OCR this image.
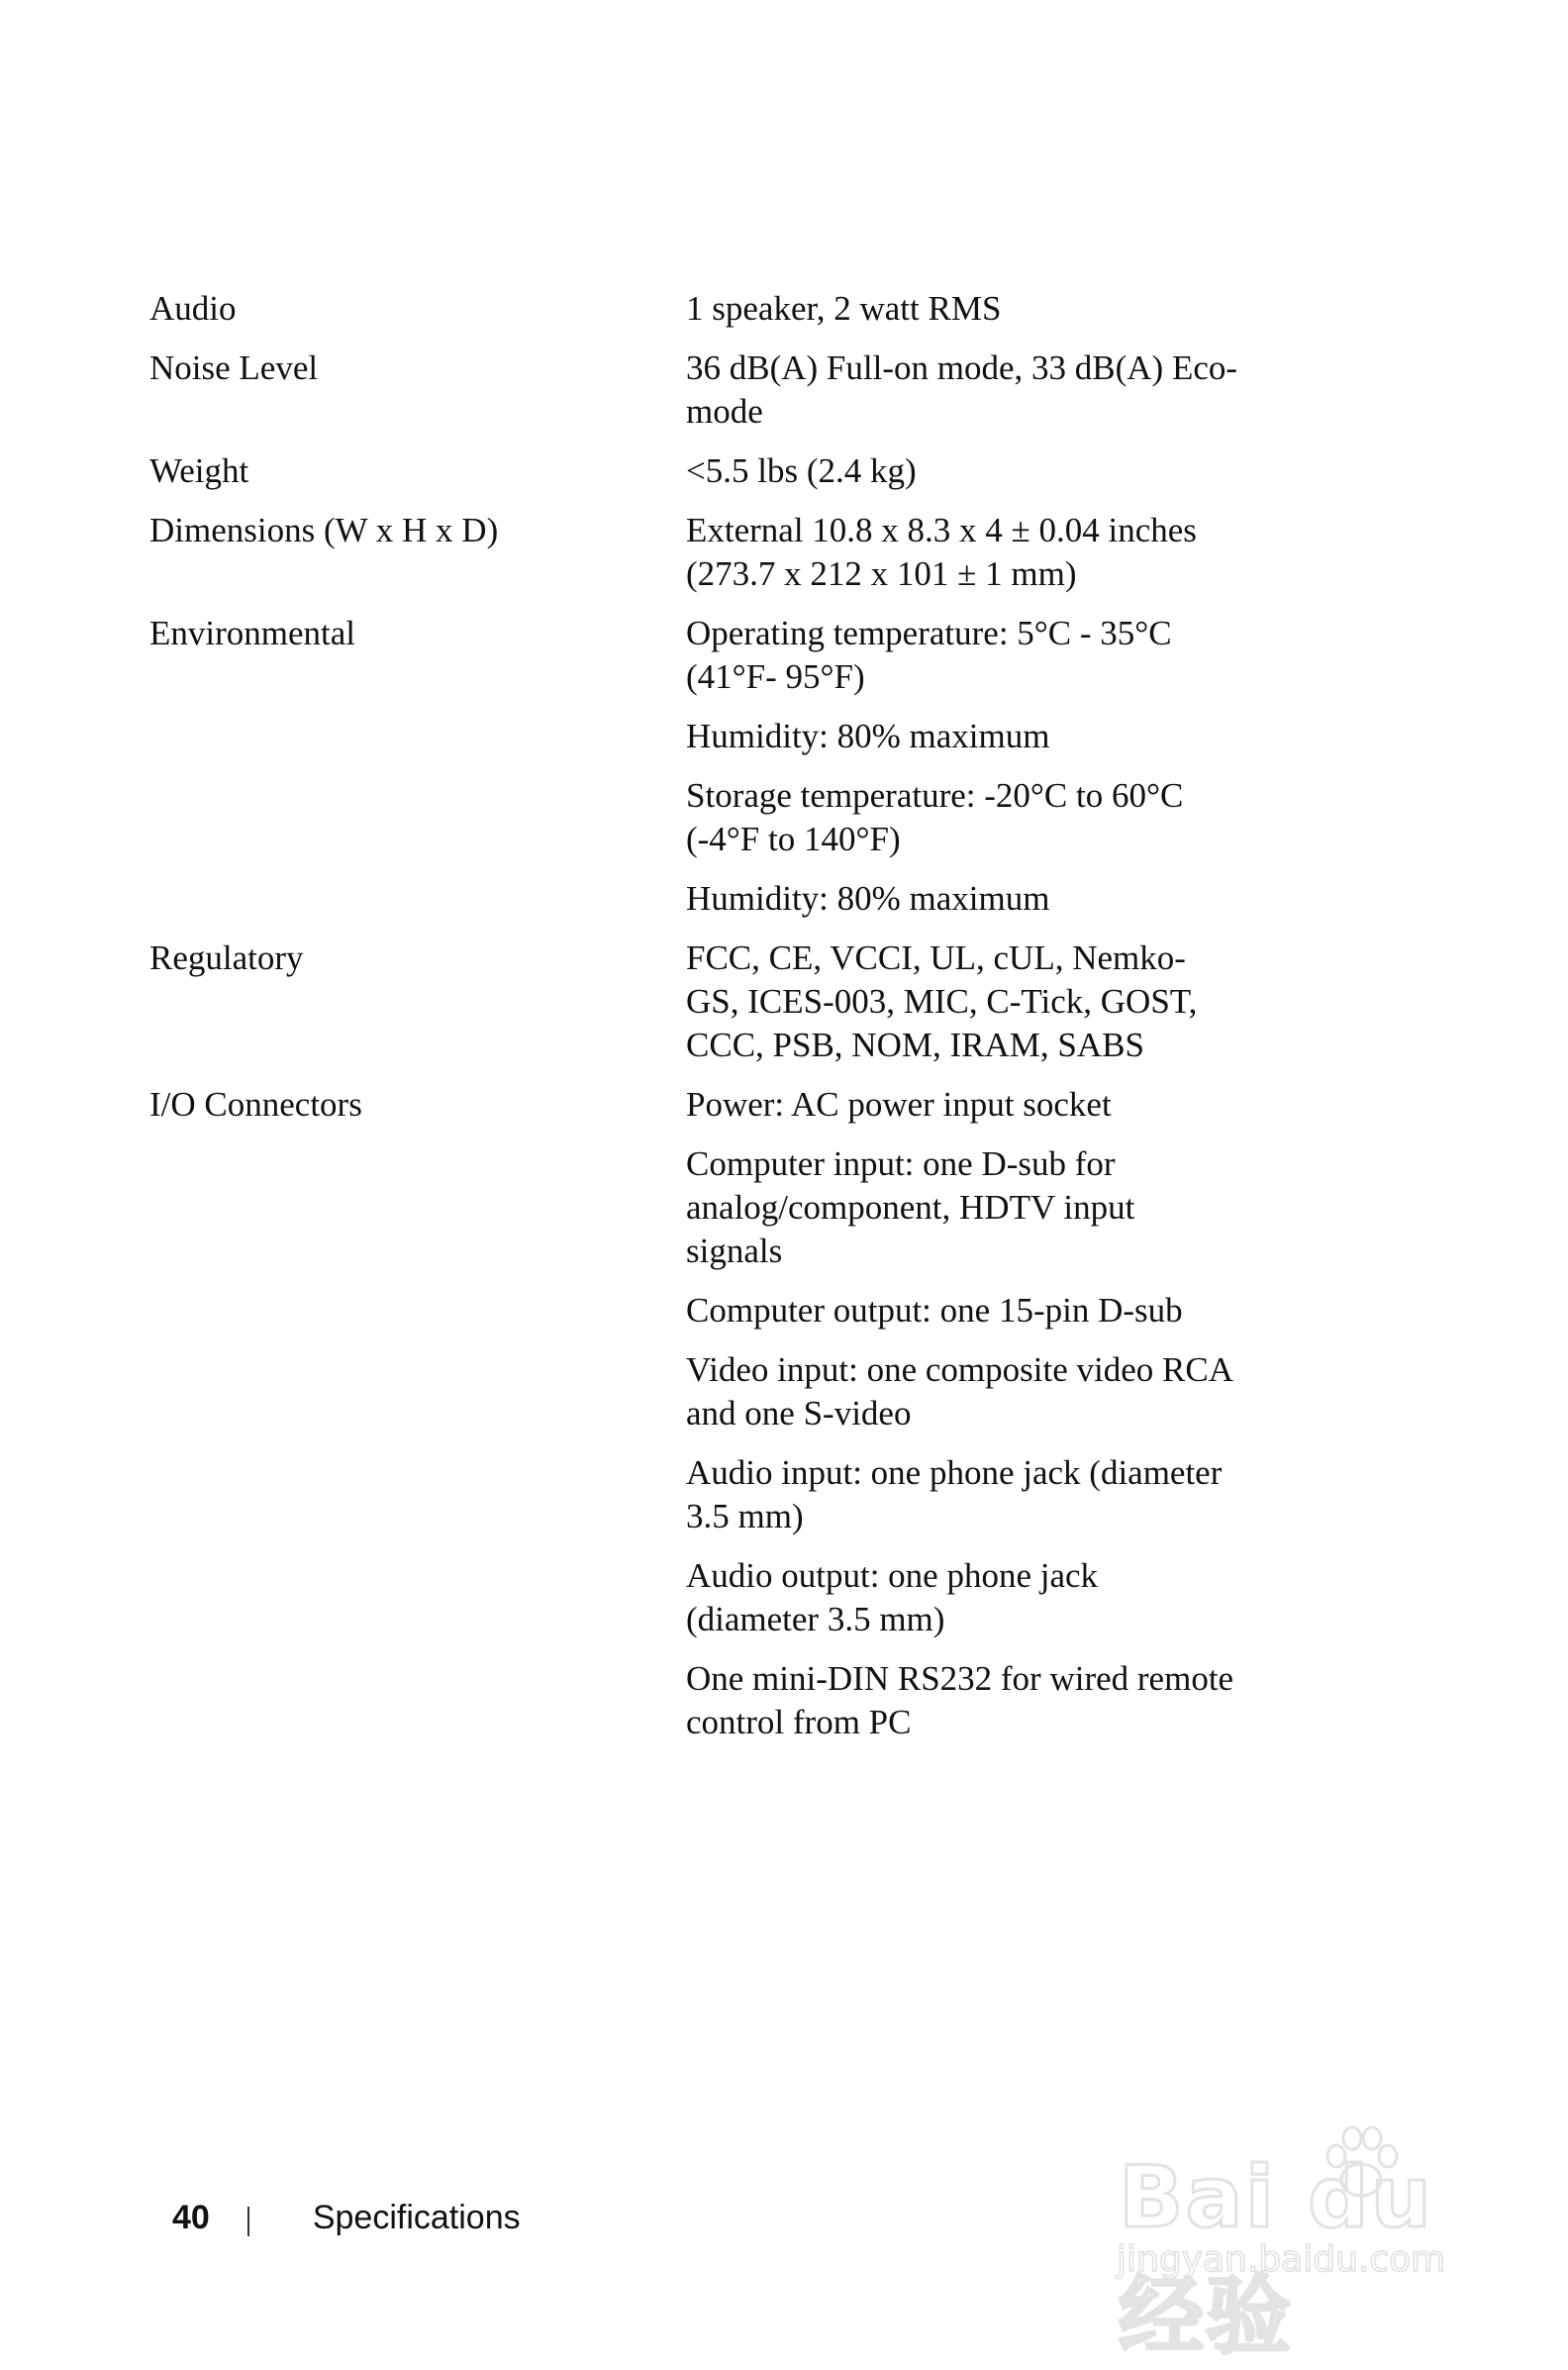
Audio	1 speaker, 2 watt RMS
Noise Level	36 dB(A) Full-on mode, 33 dB(A) Eco-
mode
Weight	<5.5 lbs (2.4 kg)
Dimensions (W x H x D)	External 10.8 x 8.3 x 4 ± 0.04 inches
(273.7 x 212 x 101 ± 1 mm)
Environmental	Operating temperature: 5°C - 35°C
(41°F- 95°F)
Humidity: 80% maximum
Storage temperature: -20°C to 60°C
(-4°F to 140°F)
Humidity: 80% maximum
Regulatory	FCC, CE, VCCI, UL, cUL, Nemko-
GS, ICES-003, MIC, C-Tick, GOST,
CCC, PSB, NOM, IRAM, SABS
I/O Connectors	Power: AC power input socket
Computer input: one D-sub for
analog/component, HDTV input
signals
Computer output: one 15-pin D-sub
Video input: one composite video RCA
and one S-video
Audio input: one phone jack (diameter
3.5 mm)
Audio output: one phone jack
(diameter 3.5 mm)
One mini-DIN RS232 for wired remote
control from PC
40	Specifications	Bai du 经验
jingyan.baidu.com
